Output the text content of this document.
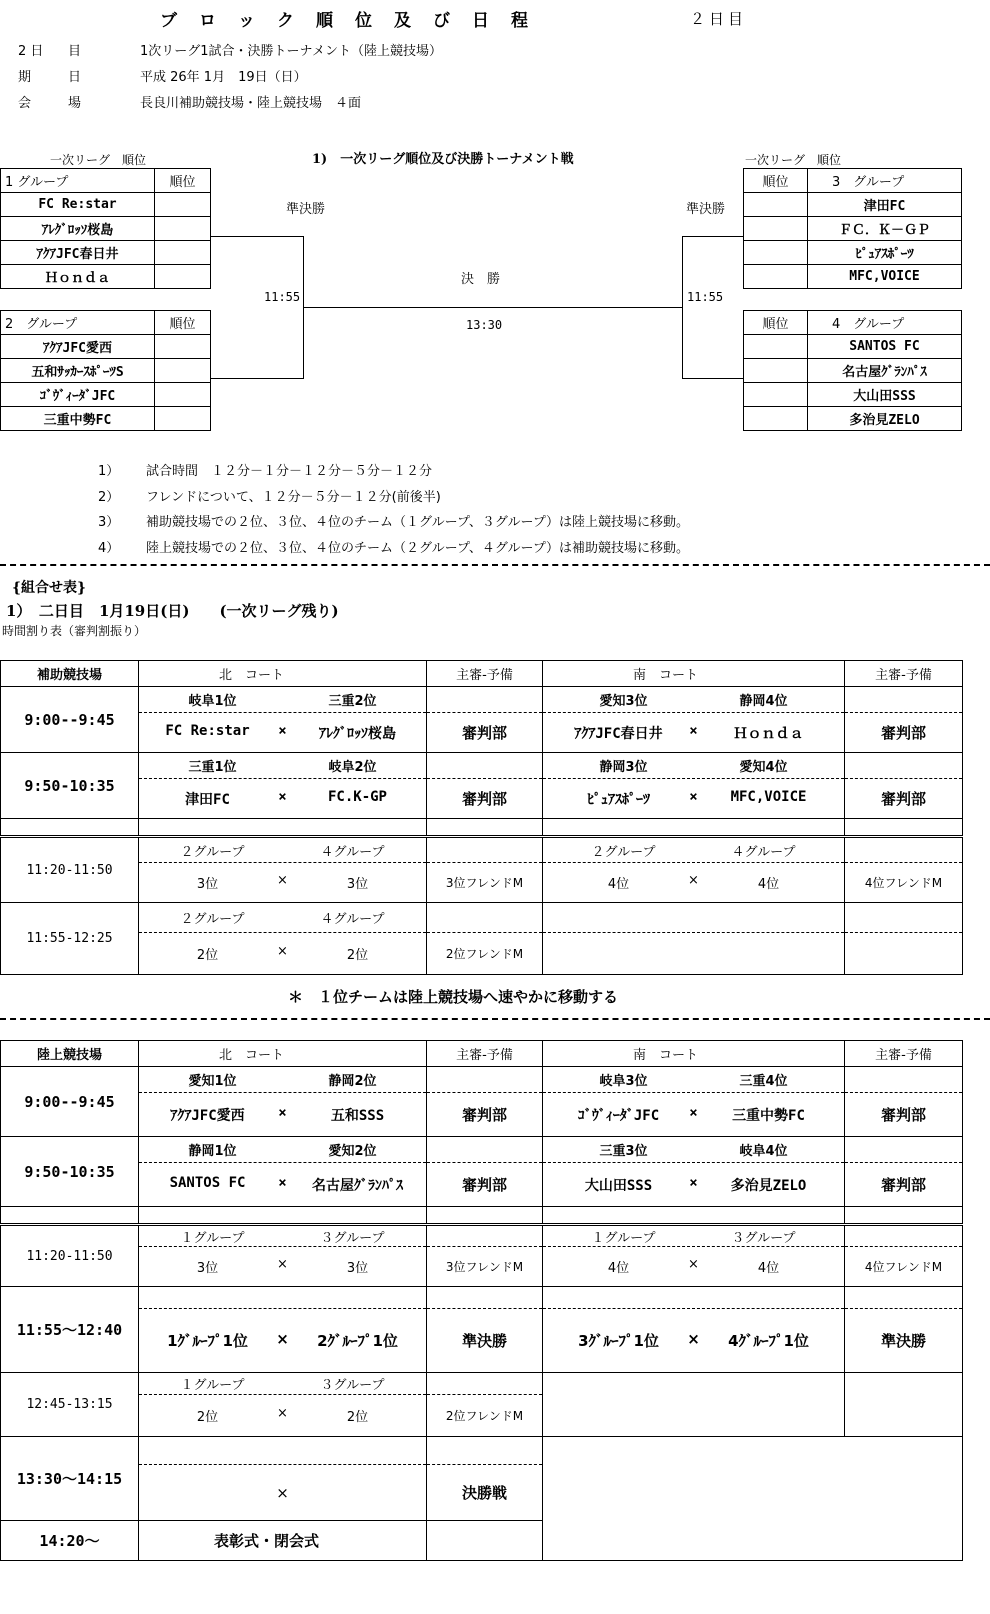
ブ ロ ッ ク 順 位 及 び 日 程	２日目
2 日	目	1次リーグ1試合・決勝トーナメント（陸上競技場）
期	日	平成 26年 1月　19日（日）
会	場	長良川補助競技場・陸上競技場　４面
1)　一次リーグ順位及び決勝トーナメント戦
一次リーグ　順位	一次リーグ　順位
1 グループ	順位
FC Re:star	
ｱﾚｸﾞﾛｯｿ桜島	
ｱｸｱJFC春日井	
Ｈｏｎｄａ	
2　グループ	順位
ｱｸｱJFC愛西	
五和ｻｯｶｰｽﾎﾟｰﾂS	
ｺﾞｳﾞｨｰﾀﾞJFC	
三重中勢FC	
順位	3　グループ
	津田FC
	ＦＣ．Ｋ－ＧＰ
	ﾋﾟｭｱｽﾎﾟｰﾂ
	MFC,VOICE
順位	4　グループ
	SANTOS FC
	名古屋ｸﾞﾗﾝﾊﾟｽ
	大山田SSS
	多治見ZELO
準決勝	準決勝
11:55	11:55
決　勝
13:30
1） 試合時間　１２分－１分－１２分－５分－１２分
2） フレンドについて、１２分－５分－１２分(前後半)
3） 補助競技場での２位、３位、４位のチーム（１グループ、３グループ）は陸上競技場に移動。
4） 陸上競技場での２位、３位、４位のチーム（２グループ、４グループ）は補助競技場に移動。
{組合せ表}
1）　二日目　1月19日(日)　　(一次リーグ残り)
時間割り表（審判割振り）
補助競技場	北　コート	主審-予備	南　コート	主審-予備
9:00--9:45	岐阜1位 三重2位		愛知3位 静岡4位	

	FC Re:star × ｱﾚｸﾞﾛｯｿ桜島	審判部	ｱｸｱJFC春日井 × Ｈｏｎｄａ	審判部
9:50-10:35	三重1位 岐阜2位		静岡3位 愛知4位	

	津田FC × FC.K-GP	審判部	ﾋﾟｭｱｽﾎﾟｰﾂ × MFC,VOICE	審判部

11:20-11:50	２グループ ４グループ		２グループ ４グループ	

	3位 × 3位	3位フレンドM	4位 × 4位	4位フレンドM
11:55-12:25	２グループ ４グループ			

	2位 × 2位	2位フレンドM		
＊　１位チームは陸上競技場へ速やかに移動する
陸上競技場	北　コート	主審-予備	南　コート	主審-予備
9:00--9:45	愛知1位 静岡2位		岐阜3位 三重4位	

	ｱｸｱJFC愛西 × 五和SSS	審判部	ｺﾞｳﾞｨｰﾀﾞJFC × 三重中勢FC	審判部
9:50-10:35	静岡1位 愛知2位		三重3位 岐阜4位	

	SANTOS FC × 名古屋ｸﾞﾗﾝﾊﾟｽ	審判部	大山田SSS × 多治見ZELO	審判部

11:20-11:50	１グループ ３グループ		１グループ ３グループ	

	3位 × 3位	3位フレンドM	4位 × 4位	4位フレンドM
11:55～12:40				

	1ｸﾞﾙｰﾌﾟ1位 × 2ｸﾞﾙｰﾌﾟ1位	準決勝	3ｸﾞﾙｰﾌﾟ1位 × 4ｸﾞﾙｰﾌﾟ1位	準決勝
12:45-13:15	１グループ ３グループ			

	2位 × 2位	2位フレンドM		
13:30～14:15				

	×	決勝戦		
14:20～	表彰式・閉会式			
